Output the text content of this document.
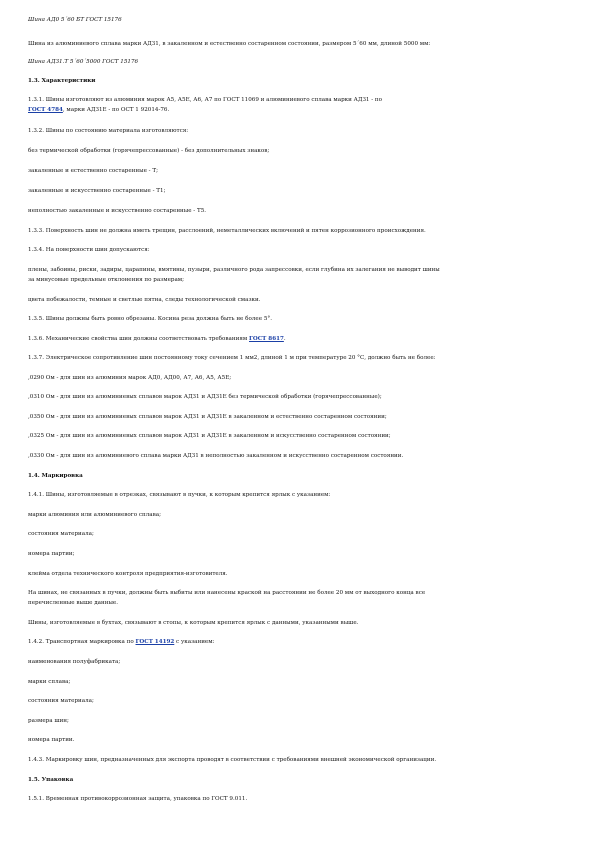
Шина АД0 5´60 БТ ГОСТ 15176
Шина из алюминиевого сплава марки АДЗ1, в закаленном и естественно состаренном состоянии, размером 5´60 мм, длиной 5000 мм:
Шина АДЗ1.Т 5´60´5000 ГОСТ 15176
1.3. Характеристики
1.3.1. Шины изготовляют из алюминия марок А5, А5Е, А6, А7 по ГОСТ 11069 и алюминиевого сплава марки АДЗ1 - по
ГОСТ 4784, марки АДЗ1Е - по ОСТ 1 92014-76.
1.3.2. Шины по состоянию материала изготовляются:
без термической обработки (горячепрессованные) - без дополнительных знаков;
закаленные и естественно состаренные - Т;
закаленные и искусственно состаренные - Т1;
неполностью закаленные и искусственно состаренные - Т5.
1.3.3. Поверхность шин не должна иметь трещин, расслоений, неметаллических включений и пятен коррозионного происхождения.
1.3.4. На поверхности шин допускаются:
плены, забоины, риски, задиры, царапины, вмятины, пузыри, различного рода запрессовки, если глубина их залегания не выводит шины
за минусовые предельные отклонения по размерам;
цвета побежалости, темные и светлые пятна, следы технологической смазки.
1.3.5. Шины должны быть ровно обрезаны. Косина реза должна быть не более 5°.
1.3.6. Механические свойства шин должны соответствовать требованиям ГОСТ 8617.
1.3.7. Электрическое сопротивление шин постоянному току сечением 1 мм2, длиной 1 м при температуре 20 °С, должно быть не более:
,0290 Ом - для шин из алюминия марок АД0, АД00, А7, А6, А5, А5Е;
,0310 Ом - для шин из алюминиевых сплавов марок АДЗ1 и АДЗ1Е без термической обработки (горячепрессованные);
,0350 Ом - для шин из алюминиевых сплавов марок АДЗ1 и АДЗ1Е в закаленном и естественно состаренном состоянии;
,0325 Ом - для шин из алюминиевых сплавов марок АДЗ1 и АДЗ1Е в закаленном и искусственно состаренном состоянии;
,0330 Ом - для шин из алюминиевого сплава марки АДЗ1 в неполностью закаленном и искусственно состаренном состоянии.
1.4. Маркировка
1.4.1. Шины, изготовляемые в отрезках, связывают в пучки, к которым крепится ярлык с указанием:
марки алюминия или алюминиевого сплава;
состояния материала;
номера партии;
клейма отдела технического контроля предприятия-изготовителя.
На шинах, не связанных в пучки, должны быть выбиты или нанесены краской на расстоянии не более 20 мм от выходного конца все
перечисленные выше данные.
Шины, изготовляемые в бухтах, связывают в стопы, к которым крепится ярлык с данными, указанными выше.
1.4.2. Транспортная маркировка по ГОСТ 14192 с указанием:
наименования полуфабриката;
марки сплава;
состояния материала;
размера шин;
номера партии.
1.4.3. Маркировку шин, предназначенных для экспорта проводят в соответствии с требованиями внешней экономической организации.
1.5. Упаковка
1.5.1. Временная противокоррозионная защита, упаковка по ГОСТ 9.011.
